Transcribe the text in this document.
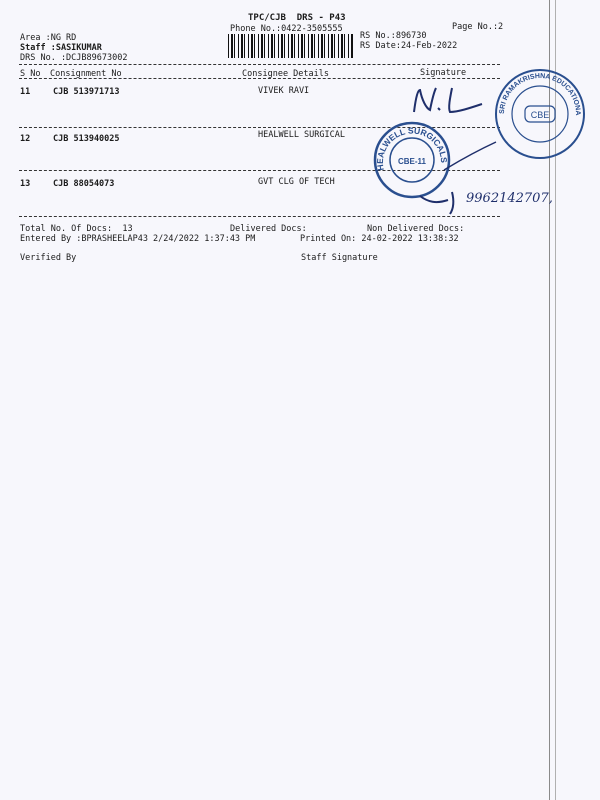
TPC/CJB  DRS - P43
Phone No.:0422-3505555	Page No.:2
Area :NG RD
Staff :SASIKUMAR
DRS No. :DCJB89673002
RS No.:896730
RS Date:24-Feb-2022
S No Consignment No	Consignee Details	Signature
11	CJB 513971713	VIVEK RAVI
12	CJB 513940025	HEALWELL SURGICAL
13	CJB 88054073	GVT CLG OF TECH
Total No. Of Docs:  13	Delivered Docs:	Non Delivered Docs:
Entered By :BPRASHEELAP43 2/24/2022 1:37:43 PM	Printed On: 24-02-2022 13:38:32
Verified By	Staff Signature
SRI RAMAKRISHNA EDUCATIONA
CBE
HEALWELL SURGICALS
CBE-11
9962142707,
